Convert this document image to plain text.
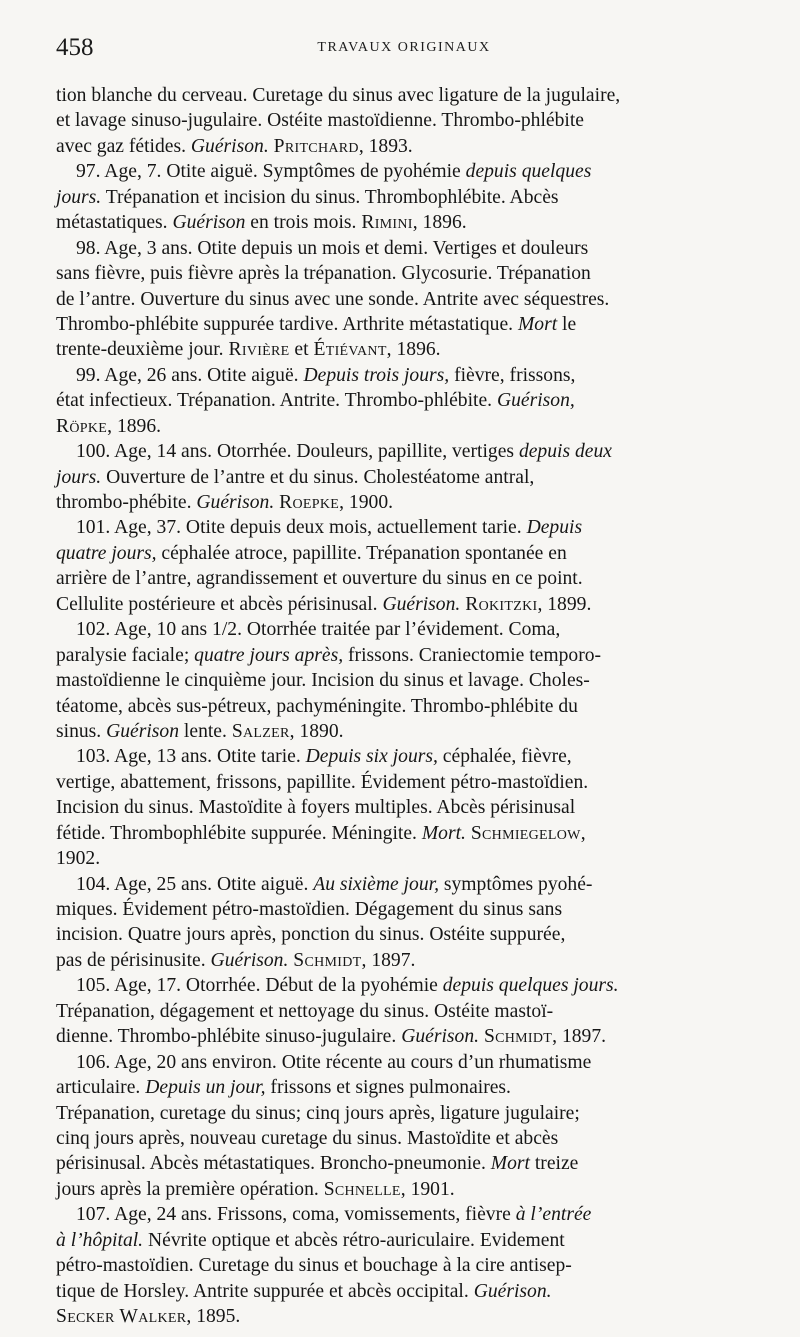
458	TRAVAUX ORIGINAUX
tion blanche du cerveau. Curetage du sinus avec ligature de la jugulaire,
et lavage sinuso-jugulaire. Ostéite mastoïdienne. Thrombo-phlébite
avec gaz fétides. Guérison. Pritchard, 1893.
97. Age, 7. Otite aiguë. Symptômes de pyohémie depuis quelques
jours. Trépanation et incision du sinus. Thrombophlébite. Abcès
métastatiques. Guérison en trois mois. Rimini, 1896.
98. Age, 3 ans. Otite depuis un mois et demi. Vertiges et douleurs
sans fièvre, puis fièvre après la trépanation. Glycosurie. Trépanation
de l’antre. Ouverture du sinus avec une sonde. Antrite avec séquestres.
Thrombo-phlébite suppurée tardive. Arthrite métastatique. Mort le
trente-deuxième jour. Rivière et Étiévant, 1896.
99. Age, 26 ans. Otite aiguë. Depuis trois jours, fièvre, frissons,
état infectieux. Trépanation. Antrite. Thrombo-phlébite. Guérison,
Röpke, 1896.
100. Age, 14 ans. Otorrhée. Douleurs, papillite, vertiges depuis deux
jours. Ouverture de l’antre et du sinus. Cholestéatome antral,
thrombo-phébite. Guérison. Roepke, 1900.
101. Age, 37. Otite depuis deux mois, actuellement tarie. Depuis
quatre jours, céphalée atroce, papillite. Trépanation spontanée en
arrière de l’antre, agrandissement et ouverture du sinus en ce point.
Cellulite postérieure et abcès périsinusal. Guérison. Rokitzki, 1899.
102. Age, 10 ans 1/2. Otorrhée traitée par l’évidement. Coma,
paralysie faciale; quatre jours après, frissons. Craniectomie temporo-
mastoïdienne le cinquième jour. Incision du sinus et lavage. Choles-
téatome, abcès sus-pétreux, pachyméningite. Thrombo-phlébite du
sinus. Guérison lente. Salzer, 1890.
103. Age, 13 ans. Otite tarie. Depuis six jours, céphalée, fièvre,
vertige, abattement, frissons, papillite. Évidement pétro-mastoïdien.
Incision du sinus. Mastoïdite à foyers multiples. Abcès périsinusal
fétide. Thrombophlébite suppurée. Méningite. Mort. Schmiegelow,
1902.
104. Age, 25 ans. Otite aiguë. Au sixième jour, symptômes pyohé-
miques. Évidement pétro-mastoïdien. Dégagement du sinus sans
incision. Quatre jours après, ponction du sinus. Ostéite suppurée,
pas de périsinusite. Guérison. Schmidt, 1897.
105. Age, 17. Otorrhée. Début de la pyohémie depuis quelques jours.
Trépanation, dégagement et nettoyage du sinus. Ostéite mastoï-
dienne. Thrombo-phlébite sinuso-jugulaire. Guérison. Schmidt, 1897.
106. Age, 20 ans environ. Otite récente au cours d’un rhumatisme
articulaire. Depuis un jour, frissons et signes pulmonaires.
Trépanation, curetage du sinus; cinq jours après, ligature jugulaire;
cinq jours après, nouveau curetage du sinus. Mastoïdite et abcès
périsinusal. Abcès métastatiques. Broncho-pneumonie. Mort treize
jours après la première opération. Schnelle, 1901.
107. Age, 24 ans. Frissons, coma, vomissements, fièvre à l’entrée
à l’hôpital. Névrite optique et abcès rétro-auriculaire. Evidement
pétro-mastoïdien. Curetage du sinus et bouchage à la cire antisep-
tique de Horsley. Antrite suppurée et abcès occipital. Guérison.
Secker Walker, 1895.
